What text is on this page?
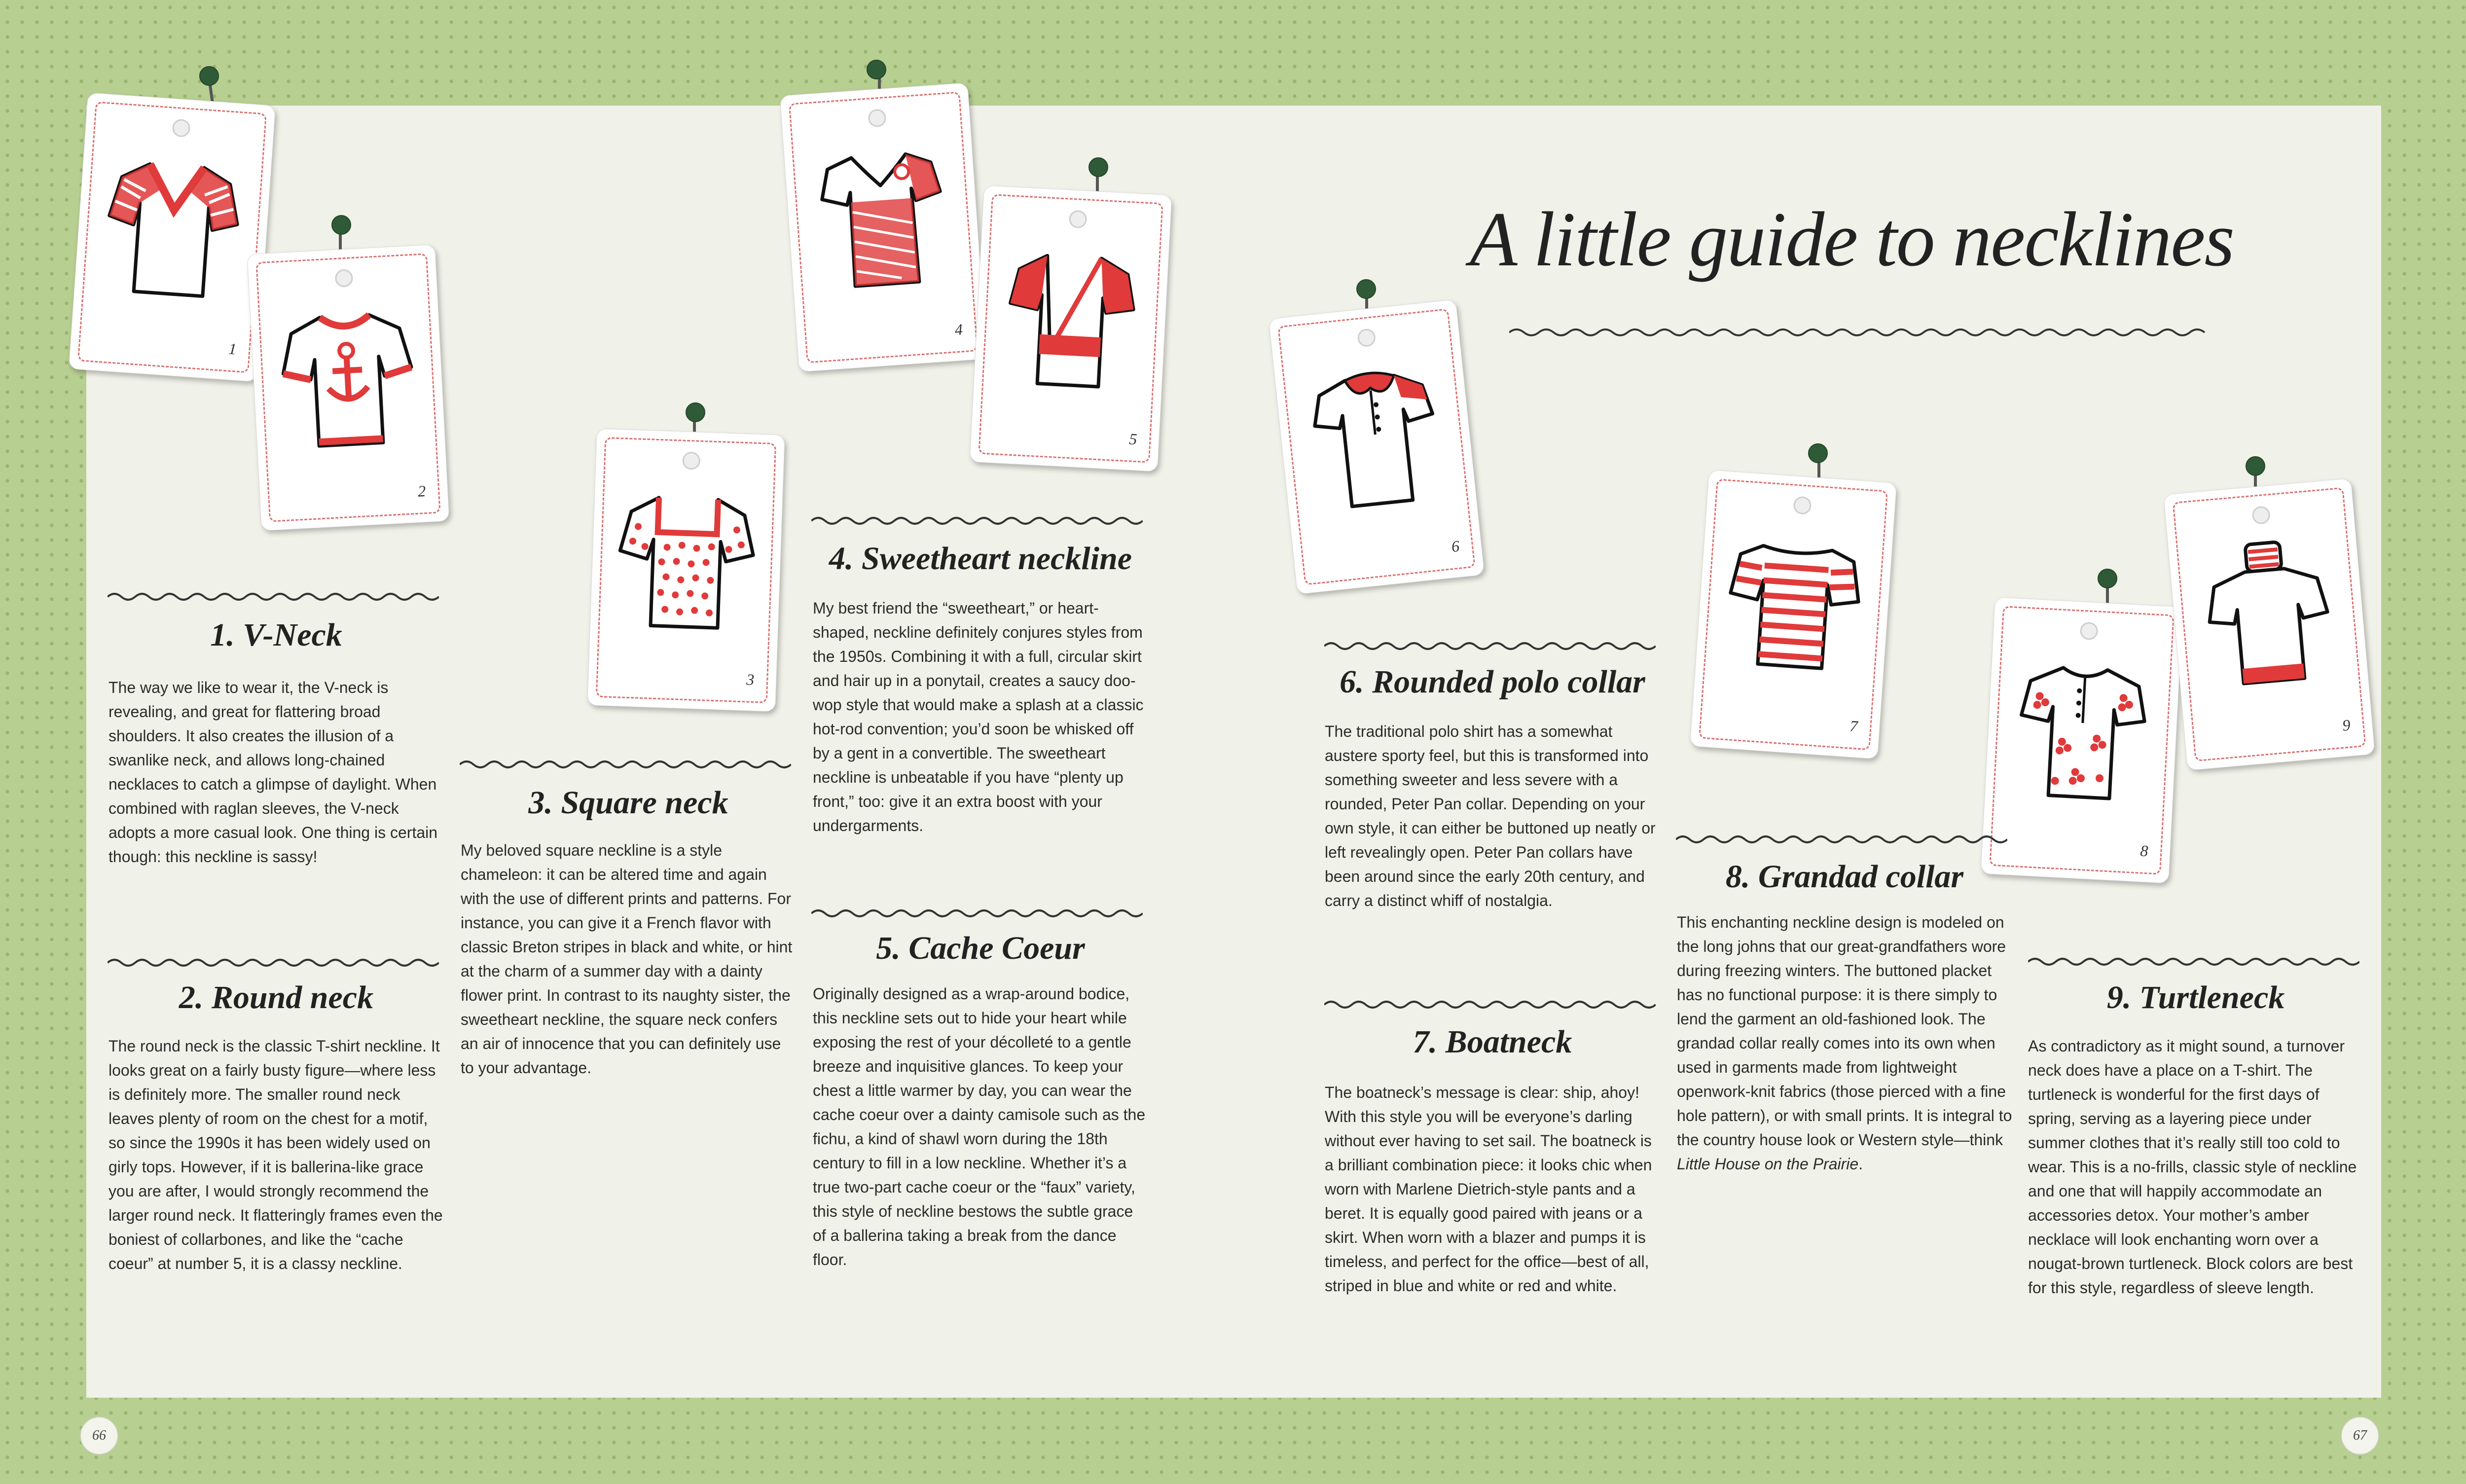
A little guide to necklines
1
2
3
4
5
6
7
8
9
1. V-Neck

The way we like to wear it, the V-neck is revealing, and great for flattering broad shoulders. It also creates the illusion of a swanlike neck, and allows long-chained necklaces to catch a glimpse of daylight. When combined with raglan sleeves, the V-neck adopts a more casual look. One thing is certain though: this neckline is sassy!

2. Round neck

The round neck is the classic T-shirt neckline. It looks great on a fairly busty figure—where less is definitely more. The smaller round neck leaves plenty of room on the chest for a motif, so since the 1990s it has been widely used on girly tops. However, if it is ballerina-like grace you are after, I would strongly recommend the larger round neck. It flatteringly frames even the boniest of collarbones, and like the “cache coeur” at number 5, it is a classy neckline.

3. Square neck

My beloved square neckline is a style chameleon: it can be altered time and again with the use of different prints and patterns. For instance, you can give it a French flavor with classic Breton stripes in black and white, or hint at the charm of a summer day with a dainty flower print. In contrast to its naughty sister, the sweetheart neckline, the square neck confers an air of innocence that you can definitely use to your advantage.

4. Sweetheart neckline

My best friend the “sweetheart,” or heart-shaped, neckline definitely conjures styles from the 1950s. Combining it with a full, circular skirt and hair up in a ponytail, creates a saucy doo-wop style that would make a splash at a classic hot-rod convention; you’d soon be whisked off by a gent in a convertible. The sweetheart neckline is unbeatable if you have “plenty up front,” too: give it an extra boost with your undergarments.

5. Cache Coeur

Originally designed as a wrap-around bodice, this neckline sets out to hide your heart while exposing the rest of your décolleté to a gentle breeze and inquisitive glances. To keep your chest a little warmer by day, you can wear the cache coeur over a dainty camisole such as the fichu, a kind of shawl worn during the 18th century to fill in a low neckline. Whether it’s a true two-part cache coeur or the “faux” variety, this style of neckline bestows the subtle grace of a ballerina taking a break from the dance floor.

6. Rounded polo collar

The traditional polo shirt has a somewhat austere sporty feel, but this is transformed into something sweeter and less severe with a rounded, Peter Pan collar. Depending on your own style, it can either be buttoned up neatly or left revealingly open. Peter Pan collars have been around since the early 20th century, and carry a distinct whiff of nostalgia.

7. Boatneck

The boatneck’s message is clear: ship, ahoy! With this style you will be everyone’s darling without ever having to set sail. The boatneck is a brilliant combination piece: it looks chic when worn with Marlene Dietrich-style pants and a beret. It is equally good paired with jeans or a skirt. When worn with a blazer and pumps it is timeless, and perfect for the office—best of all, striped in blue and white or red and white.

8. Grandad collar

This enchanting neckline design is modeled on the long johns that our great-grandfathers wore during freezing winters. The buttoned placket has no functional purpose: it is there simply to lend the garment an old-fashioned look. The grandad collar really comes into its own when used in garments made from lightweight openwork-knit fabrics (those pierced with a fine hole pattern), or with small prints. It is integral to the country house look or Western style—think Little House on the Prairie.

9. Turtleneck

As contradictory as it might sound, a turnover neck does have a place on a T-shirt. The turtleneck is wonderful for the first days of spring, serving as a layering piece under summer clothes that it’s really still too cold to wear. This is a no-frills, classic style of neckline and one that will happily accommodate an accessories detox. Your mother’s amber necklace will look enchanting worn over a nougat-brown turtleneck. Block colors are best for this style, regardless of sleeve length.

66	67
